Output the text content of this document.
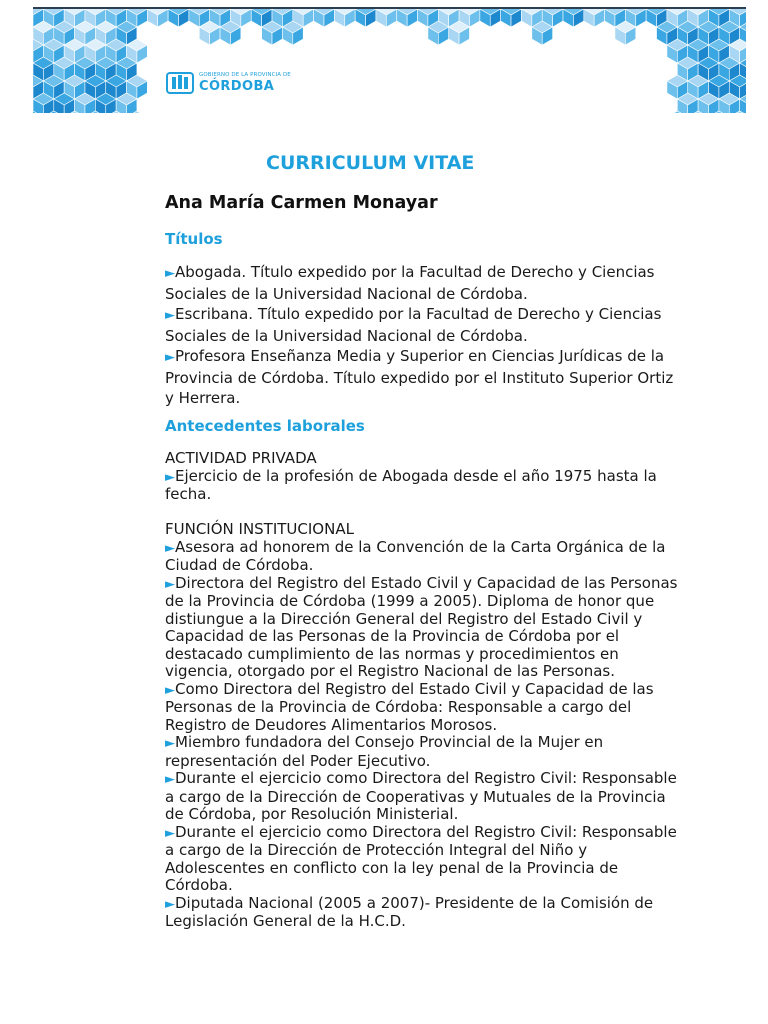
GOBIERNO DE LA PROVINCIA DE
CÓRDOBA
CURRICULUM VITAE
Ana María Carmen Monayar
Títulos
►Abogada. Título expedido por la Facultad de Derecho y Ciencias Sociales de la Universidad Nacional de Córdoba.
►Escribana. Título expedido por la Facultad de Derecho y Ciencias Sociales de la Universidad Nacional de Córdoba.
►Profesora Enseñanza Media y Superior en Ciencias Jurídicas de la Provincia de Córdoba. Título expedido por el Instituto Superior Ortiz y Herrera.
Antecedentes laborales
ACTIVIDAD PRIVADA
►Ejercicio de la profesión de Abogada desde el año 1975 hasta la fecha.
FUNCIÓN INSTITUCIONAL
►Asesora ad honorem de la Convención de la Carta Orgánica de la Ciudad de Córdoba.
►Directora del Registro del Estado Civil y Capacidad de las Personas de la Provincia de Córdoba (1999 a 2005). Diploma de honor que distiungue a la Dirección General del Registro del Estado Civil y Capacidad de las Personas de la Provincia de Córdoba por el destacado cumplimiento de las normas y procedimientos en vigencia, otorgado por el Registro Nacional de las Personas.
►Como Directora del Registro del Estado Civil y Capacidad de las Personas de la Provincia de Córdoba: Responsable a cargo del Registro de Deudores Alimentarios Morosos.
►Miembro fundadora del Consejo Provincial de la Mujer en representación del Poder Ejecutivo.
►Durante el ejercicio como Directora del Registro Civil: Responsable a cargo de la Dirección de Cooperativas y Mutuales de la Provincia de Córdoba, por Resolución Ministerial.
►Durante el ejercicio como Directora del Registro Civil: Responsable a cargo de la Dirección de Protección Integral del Niño y Adolescentes en conflicto con la ley penal de la Provincia de Córdoba.
►Diputada Nacional (2005 a 2007)- Presidente de la Comisión de Legislación General de la H.C.D.
